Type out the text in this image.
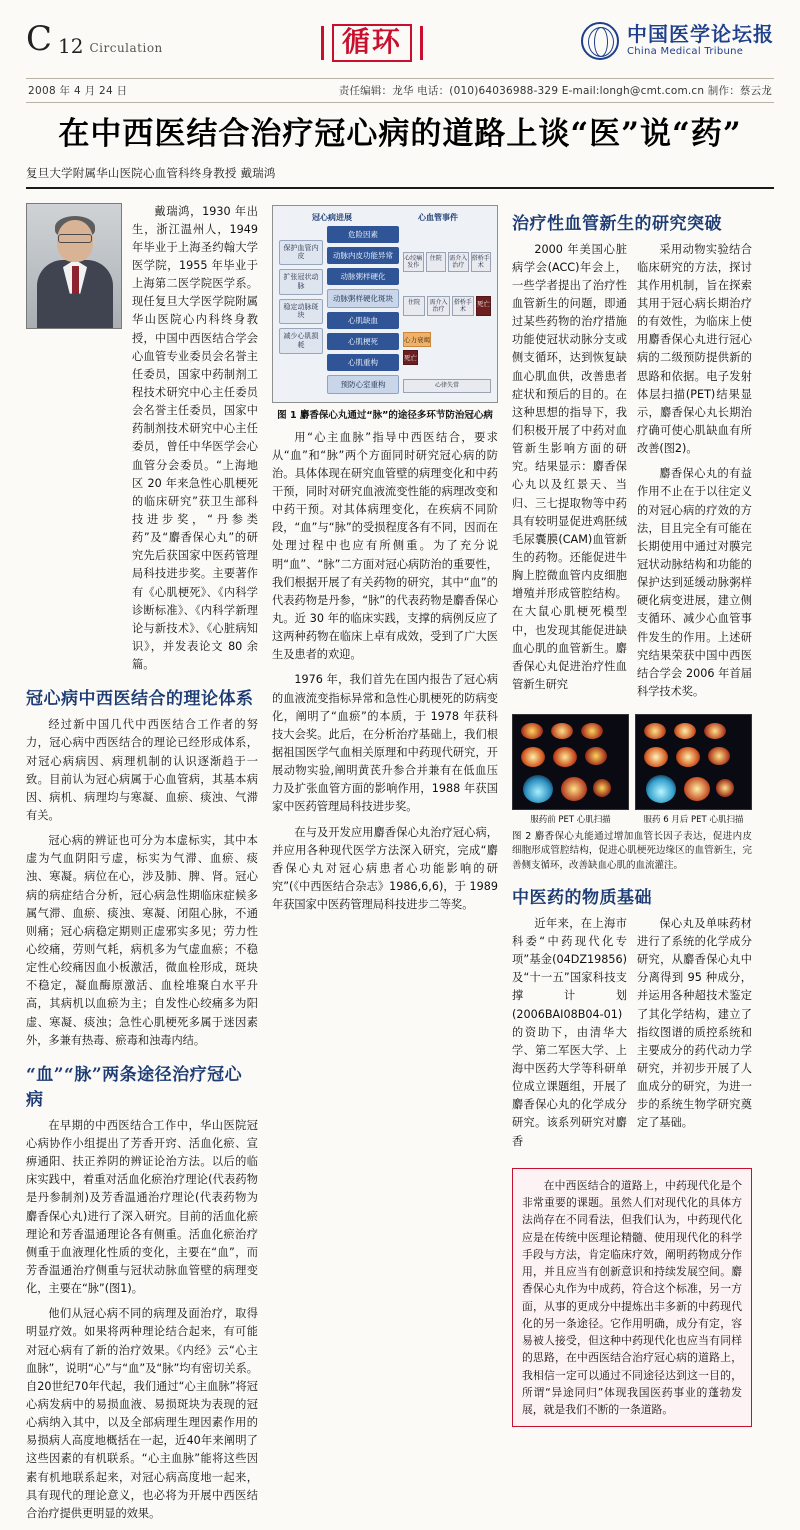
C 12 Circulation	循环	中国医学论坛报
China Medical Tribune
2008 年 4 月 24 日	责任编辑：龙华 电话：(010)64036988-329 E-mail:longh@cmt.com.cn 制作：蔡云龙
在中西医结合治疗冠心病的道路上谈“医”说“药”
复旦大学附属华山医院心血管科终身教授 戴瑞鸿

戴瑞鸿，1930 年出生，浙江温州人，1949 年毕业于上海圣约翰大学医学院，1955 年毕业于上海第二医学院医学系。现任复旦大学医学院附属华山医院心内科终身教授，中国中西医结合学会心血管专业委员会名誉主任委员，国家中药制剂工程技术研究中心主任委员会名誉主任委员，国家中药制剂技术研究中心主任委员，曾任中华医学会心血管分会委员。“上海地区 20 年来急性心肌梗死的临床研究”获卫生部科技进步奖，“丹参类药”及“麝香保心丸”的研究先后获国家中医药管理局科技进步奖。主要著作有《心肌梗死》、《内科学诊断标准》、《内科学新理论与新技术》、《心脏病知识》，并发表论文 80 余篇。

冠心病中西医结合的理论体系

经过新中国几代中西医结合工作者的努力，冠心病中西医结合的理论已经形成体系，对冠心病病因、病理机制的认识逐渐趋于一致。目前认为冠心病属于心血管病，其基本病因、病机、病理均与寒凝、血瘀、痰浊、气滞有关。

冠心病的辨证也可分为本虚标实，其中本虚为气血阴阳亏虚，标实为气滞、血瘀、痰浊、寒凝。病位在心，涉及肺、脾、肾。冠心病的病症结合分析，冠心病急性期临床症候多属气滞、血瘀、痰浊、寒凝、闭阻心脉，不通则痛；冠心病稳定期则正虚邪实多见；劳力性心绞痛，劳则气耗，病机多为气虚血瘀；不稳定性心绞痛因血小板激活，微血栓形成，斑块不稳定，凝血酶原激活、血栓堆聚白水平升高，其病机以血瘀为主；自发性心绞痛多为阳虚、寒凝、痰浊；急性心肌梗死多属于迷因素外，多兼有热毒、瘀毒和浊毒内结。

“血”“脉”两条途径治疗冠心病

在早期的中西医结合工作中，华山医院冠心病协作小组提出了芳香开窍、活血化瘀、宣痹通阳、扶正养阴的辨证论治方法。以后的临床实践中，着重对活血化瘀治疗理论(代表药物是丹参制剂)及芳香温通治疗理论(代表药物为麝香保心丸)进行了深入研究。目前的活血化瘀理论和芳香温通理论各有侧重。活血化瘀治疗侧重于血液理化性质的变化，主要在“血”，而芳香温通治疗侧重与冠状动脉血管壁的病理变化，主要在“脉”(图1)。

他们从冠心病不同的病理及面治疗，取得明显疗效。如果将两种理论结合起来，有可能对冠心病有了新的治疗效果。《内经》云“心主血脉”，说明“心”与“血”及“脉”均有密切关系。自20世纪70年代起，我们通过“心主血脉”将冠心病发病中的易损血液、易损斑块为表现的冠心病纳入其中，以及全部病理生理因素作用的易损病人高度地概括在一起，近40年来阐明了这些因素的有机联系。“心主血脉”能将这些因素有机地联系起来，对冠心病高度地一起来，具有现代的理论意义，也必将为开展中西医结合治疗提供更明显的效果。

冠心病进展	心血管事件
保护血管内皮
扩张冠状动脉
稳定动脉斑块
减少心肌损耗
危险因素
动脉内皮功能异常
动脉粥样硬化
动脉粥样硬化斑块
心肌缺血
心肌梗死
心肌重构
预防心室重构
心绞痛发作
住院	需介入治疗
搭桥手术
住院	需介入治疗
搭桥手术
死亡
心力衰竭
死亡
心律失常
图 1 麝香保心丸通过“脉”的途径多环节防治冠心病

用“心主血脉”指导中西医结合，要求从“血”和“脉”两个方面同时研究冠心病的防治。具体体现在研究血管壁的病理变化和中药干预，同时对研究血液流变性能的病理改变和中药干预。对其体病理变化，在疾病不同阶段，“血”与“脉”的受损程度各有不同，因而在处理过程中也应有所侧重。为了充分说明“血”、“脉”二方面对冠心病防治的重要性，我们根据开展了有关药物的研究，其中“血”的代表药物是丹参，“脉”的代表药物是麝香保心丸。近 30 年的临床实践，支撑的病例反应了这两种药物在临床上卓有成效，受到了广大医生及患者的欢迎。

1976 年，我们首先在国内报告了冠心病的血液流变指标异常和急性心肌梗死的防病变化，阐明了“血瘀”的本质，于 1978 年获科技大会奖。此后，在分析治疗基础上，我们根据祖国医学气血相关原理和中药现代研究，开展动物实验,阐明黄芪升参合并兼有在低血压力及扩张血管方面的影响作用，1988 年获国家中医药管理局科技进步奖。

在与及开发应用麝香保心丸治疗冠心病，并应用各种现代医学方法深入研究，完成“麝香保心丸对冠心病患者心功能影响的研究”(《中西医结合杂志》1986,6,6)，于 1989 年获国家中医药管理局科技进步二等奖。

治疗性血管新生的研究突破

2000 年美国心脏病学会(ACC)年会上，一些学者提出了治疗性血管新生的问题，即通过某些药物的治疗措施功能使冠状动脉分支或侧支循环，达到恢复缺血心肌血供，改善患者症状和预后的目的。在这种思想的指导下，我们积极开展了中药对血管新生影响方面的研究。结果显示：麝香保心丸以及红景天、当归、三七提取物等中药具有较明显促进鸡胚绒毛尿囊膜(CAM)血管新生的药物。还能促进牛胸上腔微血管内皮细胞增殖并形成管腔结构。在大鼠心肌梗死模型中，也发现其能促进缺血心肌的血管新生。麝香保心丸促进治疗性血管新生研究

采用动物实验结合临床研究的方法，探讨其作用机制，旨在探索其用于冠心病长期治疗的有效性，为临床上使用麝香保心丸进行冠心病的二级预防提供新的思路和依据。电子发射体层扫描(PET)结果显示，麝香保心丸长期治疗确可使心肌缺血有所改善(图2)。

麝香保心丸的有益作用不止在于以往定义的对冠心病的疗效的方法，目且完全有可能在长期使用中通过对膜完冠状动脉结构和功能的保护达到延缓动脉粥样硬化病变进展，建立侧支循环、减少心血管事件发生的作用。上述研究结果荣获中国中西医结合学会 2006 年首届科学技术奖。

服药前 PET 心肌扫描	服药 6 月后 PET 心肌扫描
图 2 麝香保心丸能通过增加血管长因子表达，促进内皮细胞形成管腔结构，促进心肌梗死边缘区的血管新生，完善侧支循环，改善缺血心肌的血流灌注。
中医药的物质基础

近年来，在上海市科委“中药现代化专项”基金(04DZ19856)及“十一五”国家科技支撑计划 (2006BAI08B04-01) 的资助下，由清华大学、第二军医大学、上海中医药大学等科研单位成立课题组，开展了麝香保心丸的化学成分研究。该系列研究对麝香

保心丸及单味药材进行了系统的化学成分研究，从麝香保心丸中分离得到 95 种成分，并运用各种超技术鉴定了其化学结构，建立了指纹图谱的质控系统和主要成分的药代动力学研究，并初步开展了人血成分的研究，为进一步的系统生物学研究奠定了基础。

在中西医结合的道路上，中药现代化是个非常重要的课题。虽然人们对现代化的具体方法尚存在不同看法，但我们认为，中药现代化应是在传统中医理论精髓、使用现代化的科学手段与方法，肯定临床疗效，阐明药物成分作用，并且应当有创新意识和持续发展空间。麝香保心丸作为中成药，符合这个标准，另一方面，从事的更成分中提炼出丰多新的中药现代化的另一条途径。它作用明确，成分有定，容易被人接受，但这种中药现代化也应当有同样的思路，在中西医结合治疗冠心病的道路上，我相信一定可以通过不同途径达到这一目的，所谓“异途同归”体现我国医药事业的蓬勃发展，就是我们不断的一条道路。
